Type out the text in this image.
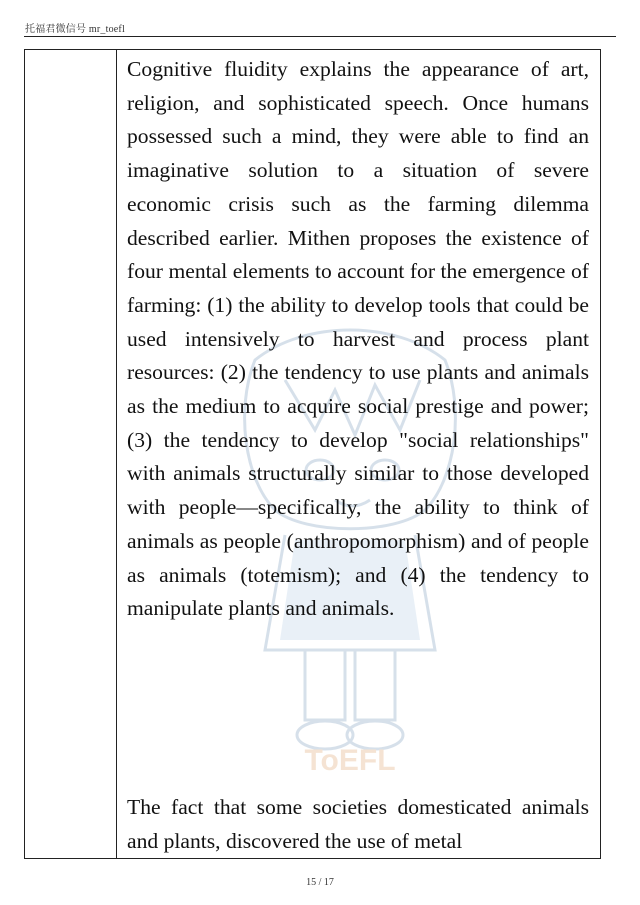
托福君微信号 mr_toefl
ToEFL

Cognitive fluidity explains the appearance of art, religion, and sophisticated speech. Once humans possessed such a mind, they were able to find an imaginative solution to a situation of severe economic crisis such as the farming dilemma described earlier. Mithen proposes the existence of four mental elements to account for the emergence of farming: (1) the ability to develop tools that could be used intensively to harvest and process plant resources: (2) the tendency to use plants and animals as the medium to acquire social prestige and power; (3) the tendency to develop "social relationships" with animals structurally similar to those developed with people—specifically, the ability to think of animals as people (anthropomorphism) and of people as animals (totemism); and (4) the tendency to manipulate plants and animals.

The fact that some societies domesticated animals and plants, discovered the use of metal

15 / 17
